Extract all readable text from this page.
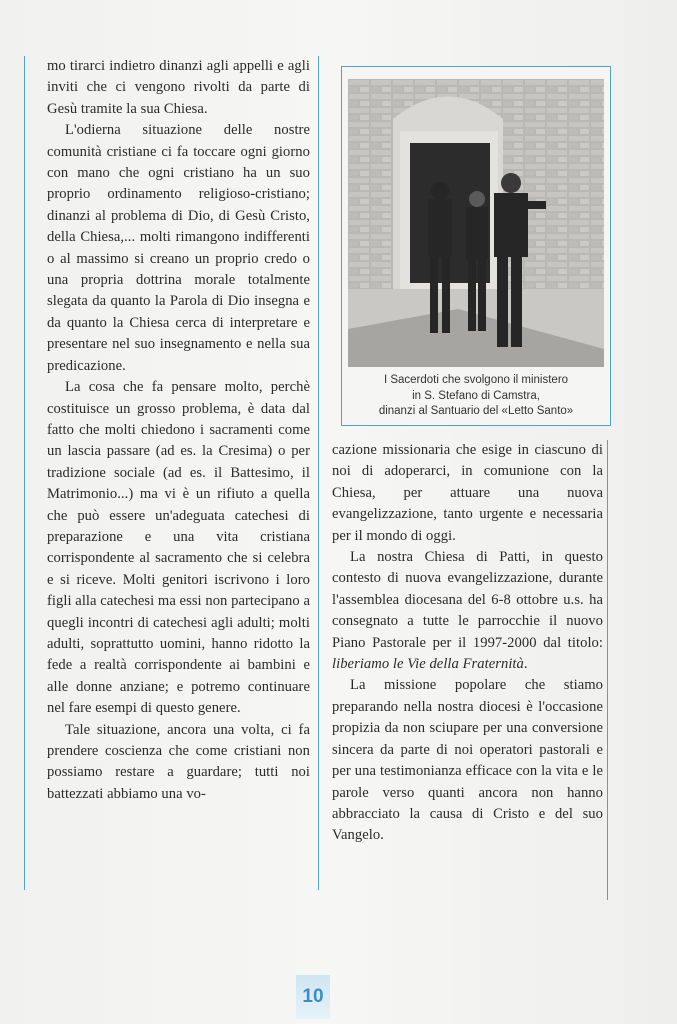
mo tirarci indietro dinanzi agli appelli e agli inviti che ci vengono rivolti da parte di Gesù tramite la sua Chiesa.

L'odierna situazione delle nostre comunità cristiane ci fa toccare ogni giorno con mano che ogni cristiano ha un suo proprio ordinamento religioso-cristiano; dinanzi al problema di Dio, di Gesù Cristo, della Chiesa,... molti rimangono indifferenti o al massimo si creano un proprio credo o una propria dottrina morale totalmente slegata da quanto la Parola di Dio insegna e da quanto la Chiesa cerca di interpretare e presentare nel suo insegnamento e nella sua predicazione.

La cosa che fa pensare molto, perchè costituisce un grosso problema, è data dal fatto che molti chiedono i sacramenti come un lascia passare (ad es. la Cresima) o per tradizione sociale (ad es. il Battesimo, il Matrimonio...) ma vi è un rifiuto a quella che può essere un'adeguata catechesi di preparazione e una vita cristiana corrispondente al sacramento che si celebra e si riceve. Molti genitori iscrivono i loro figli alla catechesi ma essi non partecipano a quegli incontri di catechesi agli adulti; molti adulti, soprattutto uomini, hanno ridotto la fede a realtà corrispondente ai bambini e alle donne anziane; e potremo continuare nel fare esempi di questo genere.

Tale situazione, ancora una volta, ci fa prendere coscienza che come cristiani non possiamo restare a guardare; tutti noi battezzati abbiamo una vo-

I Sacerdoti che svolgono il ministero
in S. Stefano di Camstra,
dinanzi al Santuario del «Letto Santo»

cazione missionaria che esige in ciascuno di noi di adoperarci, in comunione con la Chiesa, per attuare una nuova evangelizzazione, tanto urgente e necessaria per il mondo di oggi.

La nostra Chiesa di Patti, in questo contesto di nuova evangelizzazione, durante l'assemblea diocesana del 6-8 ottobre u.s. ha consegnato a tutte le parrocchie il nuovo Piano Pastorale per il 1997-2000 dal titolo: liberiamo le Vie della Fraternità.

La missione popolare che stiamo preparando nella nostra diocesi è l'occasione propizia da non sciupare per una conversione sincera da parte di noi operatori pastorali e per una testimonianza efficace con la vita e le parole verso quanti ancora non hanno abbracciato la causa di Cristo e del suo Vangelo.

10
